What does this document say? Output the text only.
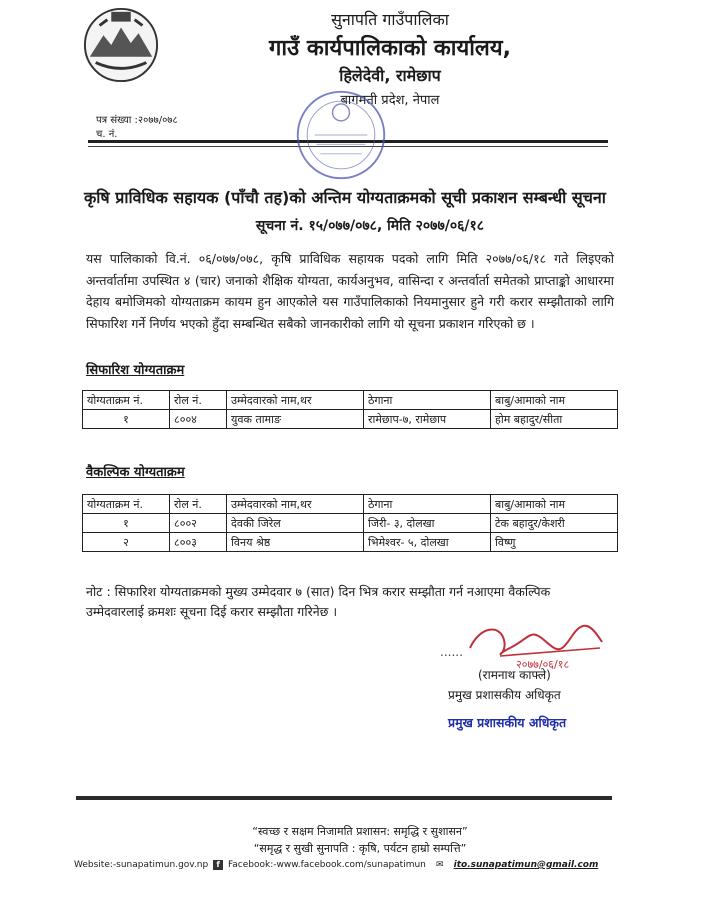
सुनापति गाउँपालिका
गाउँ कार्यपालिकाको कार्यालय,
हिलेदेवी, रामेछाप
बागमती प्रदेश, नेपाल
पत्र संख्या :२०७७/०७८
च. नं.
कृषि प्राविधिक सहायक (पाँचौ तह)को अन्तिम योग्यताक्रमको सूची प्रकाशन सम्बन्धी सूचना
सूचना नं. १५/०७७/०७८, मिति २०७७/०६/१८
यस पालिकाको वि.नं. ०६/०७७/०७८, कृषि प्राविधिक सहायक पदको लागि मिति २०७७/०६/१८ गते लिइएको अन्तर्वार्तामा उपस्थित ४ (चार) जनाको शैक्षिक योग्यता, कार्यअनुभव, वासिन्दा र अन्तर्वार्ता समेतको प्राप्ताङ्को आधारमा देहाय बमोजिमको योग्यताक्रम कायम हुन आएकोले यस गाउँपालिकाको नियमानुसार हुने गरी करार सम्झौताको लागि सिफारिश गर्ने निर्णय भएको हुँदा सम्बन्धित सबैको जानकारीको लागि यो सूचना प्रकाशन गरिएको छ ।
सिफारिश योग्यताक्रम
योग्यताक्रम नं.	रोल नं.	उम्मेदवारको नाम,थर	ठेगाना	बाबु/आमाको नाम
१	८००४	युवक तामाङ	रामेछाप-७, रामेछाप	होम बहादुर/सीता
वैकल्पिक योग्यताक्रम
योग्यताक्रम नं.	रोल नं.	उम्मेदवारको नाम,थर	ठेगाना	बाबु/आमाको नाम
१	८००२	देवकी जिरेल	जिरी- ३, दोलखा	टेक बहादुर/केशरी
२	८००३	विनय श्रेष्ठ	भिमेश्वर- ५, दोलखा	विष्णु
नोट : सिफारिश योग्यताक्रमको मुख्य उम्मेदवार ७ (सात) दिन भित्र करार सम्झौता गर्न नआएमा वैकल्पिक उम्मेदवारलाई क्रमशः सूचना दिई करार सम्झौता गरिनेछ ।
२०७७/०६/१८
......
(रामनाथ काफ्ले)
प्रमुख प्रशासकीय अधिकृत
प्रमुख प्रशासकीय अधिकृत
“स्वच्छ र सक्षम निजामति प्रशासन: समृद्धि र सुशासन”
“समृद्ध र सुखी सुनापति : कृषि, पर्यटन हाम्रो सम्पत्ति”
Website:-sunapatimun.gov.np f Facebook:-www.facebook.com/sunapatimun ✉ ito.sunapatimun@gmail.com
